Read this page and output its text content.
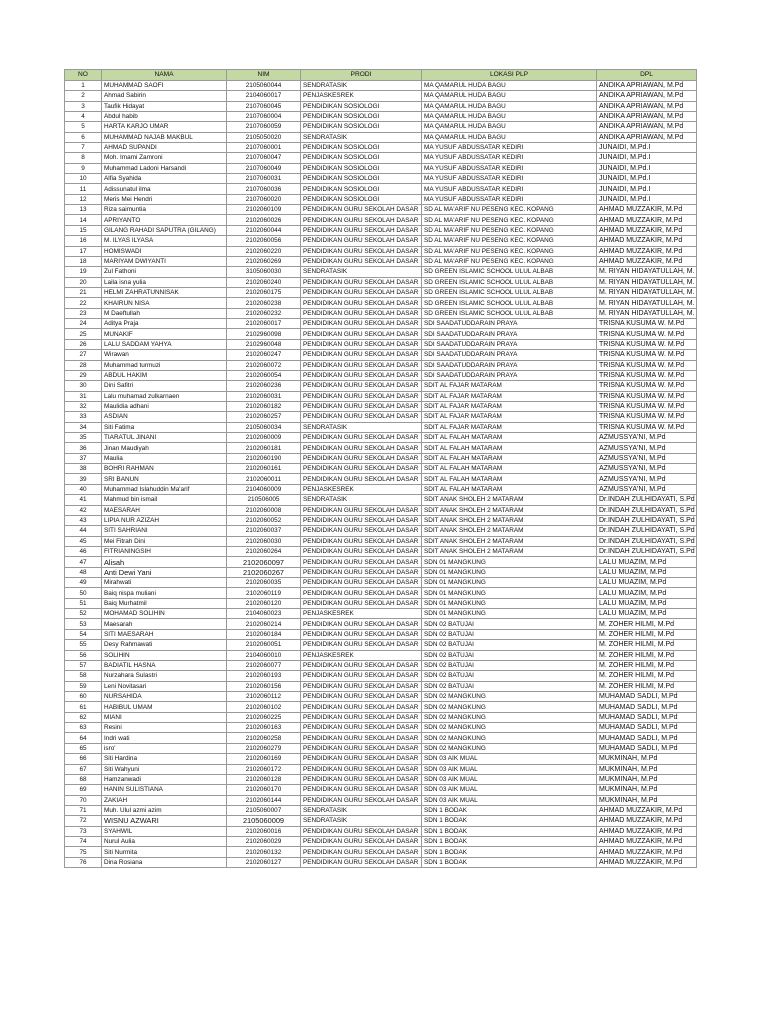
NO	NAMA	NIM	PRODI	LOKASI PLP	DPL
1	MUHAMMAD SAOFI	2105060044	SENDRATASIK	MA QAMARUL HUDA BAGU	ANDIKA APRIAWAN, M.Pd
2	Ahmad Sabirin	2104060017	PENJASKESREK	MA QAMARUL HUDA BAGU	ANDIKA APRIAWAN, M.Pd
3	Taufik Hidayat	2107060045	PENDIDIKAN SOSIOLOGI	MA QAMARUL HUDA BAGU	ANDIKA APRIAWAN, M.Pd
4	Abdul habib	2107060004	PENDIDIKAN SOSIOLOGI	MA QAMARUL HUDA BAGU	ANDIKA APRIAWAN, M.Pd
5	HARTA KARJO UMAR	2107060059	PENDIDIKAN SOSIOLOGI	MA QAMARUL HUDA BAGU	ANDIKA APRIAWAN, M.Pd
6	MUHAMMAD NAJAB MAKBUL	2105050020	SENDRATASIK	MA QAMARUL HUDA BAGU	ANDIKA APRIAWAN, M.Pd
7	AHMAD SUPANDI	2107060001	PENDIDIKAN SOSIOLOGI	MA YUSUF ABDUSSATAR KEDIRI	JUNAIDI, M.Pd.I
8	Moh. Imami Zamroni	2107060047	PENDIDIKAN SOSIOLOGI	MA YUSUF ABDUSSATAR KEDIRI	JUNAIDI, M.Pd.I
9	Muhammad Ladoni Harsandi	2107060049	PENDIDIKAN SOSIOLOGI	MA YUSUF ABDUSSATAR KEDIRI	JUNAIDI, M.Pd.I
10	Alfia Syahida	2107060031	PENDIDIKAN SOSIOLOGI	MA YUSUF ABDUSSATAR KEDIRI	JUNAIDI, M.Pd.I
11	Adissunatul ilma	2107060036	PENDIDIKAN SOSIOLOGI	MA YUSUF ABDUSSATAR KEDIRI	JUNAIDI, M.Pd.I
12	Meris Mei Hendri	2107060020	PENDIDIKAN SOSIOLOGI	MA YUSUF ABDUSSATAR KEDIRI	JUNAIDI, M.Pd.I
13	Riza saimuntia	2102060109	PENDIDIKAN GURU SEKOLAH DASAR	SD AL MA'ARIF NU PESENG KEC. KOPANG	AHMAD MUZZAKIR, M.Pd
14	APRIYANTO	2102060026	PENDIDIKAN GURU SEKOLAH DASAR	SD AL MA'ARIF NU PESENG KEC. KOPANG	AHMAD MUZZAKIR, M.Pd
15	GILANG RAHADI SAPUTRA (GILANG)	2102060044	PENDIDIKAN GURU SEKOLAH DASAR	SD AL MA'ARIF NU PESENG KEC. KOPANG	AHMAD MUZZAKIR, M.Pd
16	M. ILYAS ILYASA	2102060056	PENDIDIKAN GURU SEKOLAH DASAR	SD AL MA'ARIF NU PESENG KEC. KOPANG	AHMAD MUZZAKIR, M.Pd
17	HOMISWADI	2102060220	PENDIDIKAN GURU SEKOLAH DASAR	SD AL MA'ARIF NU PESENG KEC. KOPANG	AHMAD MUZZAKIR, M.Pd
18	MARIYAM DWIYANTI	2102060269	PENDIDIKAN GURU SEKOLAH DASAR	SD AL MA'ARIF NU PESENG KEC. KOPANG	AHMAD MUZZAKIR, M.Pd
19	Zul Fathoni	3105060030	SENDRATASIK	SD GREEN ISLAMIC SCHOOL ULUL ALBAB	M. RIYAN HIDAYATULLAH, M.
20	Laila isna yulia	2102060240	PENDIDIKAN GURU SEKOLAH DASAR	SD GREEN ISLAMIC SCHOOL ULUL ALBAB	M. RIYAN HIDAYATULLAH, M.
21	HELMI ZAHRATUNNISAK	2102060175	PENDIDIKAN GURU SEKOLAH DASAR	SD GREEN ISLAMIC SCHOOL ULUL ALBAB	M. RIYAN HIDAYATULLAH, M.
22	KHAIRUN NISA	2102060238	PENDIDIKAN GURU SEKOLAH DASAR	SD GREEN ISLAMIC SCHOOL ULUL ALBAB	M. RIYAN HIDAYATULLAH, M.
23	M Daeftullah	2102060232	PENDIDIKAN GURU SEKOLAH DASAR	SD GREEN ISLAMIC SCHOOL ULUL ALBAB	M. RIYAN HIDAYATULLAH, M.
24	Aditya Praja	2102060017	PENDIDIKAN GURU SEKOLAH DASAR	SDI SAADATUDDARAIN PRAYA	TRISNA KUSUMA W. M.Pd
25	MUNAKIF	2102960098	PENDIDIKAN GURU SEKOLAH DASAR	SDI SAADATUDDARAIN PRAYA	TRISNA KUSUMA W. M.Pd
26	LALU SADDAM YAHYA	2102960048	PENDIDIKAN GURU SEKOLAH DASAR	SDI SAADATUDDARAIN PRAYA	TRISNA KUSUMA W. M.Pd
27	Wirawan	2102060247	PENDIDIKAN GURU SEKOLAH DASAR	SDI SAADATUDDARAIN PRAYA	TRISNA KUSUMA W. M.Pd
28	Muhammad turmuzi	2102060072	PENDIDIKAN GURU SEKOLAH DASAR	SDI SAADATUDDARAIN PRAYA	TRISNA KUSUMA W. M.Pd
29	ABDUL HAKIM	2102060054	PENDIDIKAN GURU SEKOLAH DASAR	SDI SAADATUDDARAIN PRAYA	TRISNA KUSUMA W. M.Pd
30	Dini Safitri	2102060236	PENDIDIKAN GURU SEKOLAH DASAR	SDIT AL FAJAR MATARAM	TRISNA KUSUMA W. M.Pd
31	Lalu muhamad zulkarnaen	2102060031	PENDIDIKAN GURU SEKOLAH DASAR	SDIT AL FAJAR MATARAM	TRISNA KUSUMA W. M.Pd
32	Maulidia adhani	2102060182	PENDIDIKAN GURU SEKOLAH DASAR	SDIT AL FAJAR MATARAM	TRISNA KUSUMA W. M.Pd
33	ASDIAN	2102060257	PENDIDIKAN GURU SEKOLAH DASAR	SDIT AL FAJAR MATARAM	TRISNA KUSUMA W. M.Pd
34	Siti Fatima	2105060034	SENDRATASIK	SDIT AL FAJAR MATARAM	TRISNA KUSUMA W. M.Pd
35	TIARATUL JINANI	2102060009	PENDIDIKAN GURU SEKOLAH DASAR	SDIT AL FALAH MATARAM	AZMUSSYA'NI, M.Pd
36	Jinan Maudiyah	2102060181	PENDIDIKAN GURU SEKOLAH DASAR	SDIT AL FALAH MATARAM	AZMUSSYA'NI, M.Pd
37	Maulia	2102060190	PENDIDIKAN GURU SEKOLAH DASAR	SDIT AL FALAH MATARAM	AZMUSSYA'NI, M.Pd
38	BOHRI RAHMAN	2102060161	PENDIDIKAN GURU SEKOLAH DASAR	SDIT AL FALAH MATARAM	AZMUSSYA'NI, M.Pd
39	SRI BANUN	2102060011	PENDIDIKAN GURU SEKOLAH DASAR	SDIT AL FALAH MATARAM	AZMUSSYA'NI, M.Pd
40	Muhammad Islahuddin Ma'arif	2104060009	PENJASKESREK	SDIT AL FALAH MATARAM	AZMUSSYA'NI, M.Pd
41	Mahmud bin ismail	210506005	SENDRATASIK	SDIT ANAK SHOLEH 2 MATARAM	Dr.INDAH ZULHIDAYATI, S.Pd
42	MAESARAH	2102060008	PENDIDIKAN GURU SEKOLAH DASAR	SDIT ANAK SHOLEH 2 MATARAM	Dr.INDAH ZULHIDAYATI, S.Pd
43	LIPIA NUR AZIZAH	2102060052	PENDIDIKAN GURU SEKOLAH DASAR	SDIT ANAK SHOLEH 2 MATARAM	Dr.INDAH ZULHIDAYATI, S.Pd
44	SITI SAHRIANI	2102060037	PENDIDIKAN GURU SEKOLAH DASAR	SDIT ANAK SHOLEH 2 MATARAM	Dr.INDAH ZULHIDAYATI, S.Pd
45	Mei Fitrah Dini	2102060030	PENDIDIKAN GURU SEKOLAH DASAR	SDIT ANAK SHOLEH 2 MATARAM	Dr.INDAH ZULHIDAYATI, S.Pd
46	FITRIANINGSIH	2102060264	PENDIDIKAN GURU SEKOLAH DASAR	SDIT ANAK SHOLEH 2 MATARAM	Dr.INDAH ZULHIDAYATI, S.Pd
47	Alisah	2102060097	PENDIDIKAN GURU SEKOLAH DASAR	SDN 01 MANGKUNG	LALU MUAZIM, M.Pd
48	Anti Dewi Yani	2102060267	PENDIDIKAN GURU SEKOLAH DASAR	SDN 01 MANGKUNG	LALU MUAZIM, M.Pd
49	Mirahwati	2102060035	PENDIDIKAN GURU SEKOLAH DASAR	SDN 01 MANGKUNG	LALU MUAZIM, M.Pd
50	Baiq nispa muliani	2102060119	PENDIDIKAN GURU SEKOLAH DASAR	SDN 01 MANGKUNG	LALU MUAZIM, M.Pd
51	Baiq Murhatmil	2102060120	PENDIDIKAN GURU SEKOLAH DASAR	SDN 01 MANGKUNG	LALU MUAZIM, M.Pd
52	MOHAMAD SOLIHIN	2104060023	PENJASKESREK	SDN 01 MANGKUNG	LALU MUAZIM, M.Pd
53	Maesarah	2102060214	PENDIDIKAN GURU SEKOLAH DASAR	SDN 02 BATUJAI	M. ZOHER HILMI, M.Pd
54	SITI MAESARAH	2102060184	PENDIDIKAN GURU SEKOLAH DASAR	SDN 02 BATUJAI	M. ZOHER HILMI, M.Pd
55	Desy Rahmawati	2102060051	PENDIDIKAN GURU SEKOLAH DASAR	SDN 02 BATUJAI	M. ZOHER HILMI, M.Pd
56	SOLIHIN	2104060010	PENJASKESREK	SDN 02 BATUJAI	M. ZOHER HILMI, M.Pd
57	BADIATIL HASNA	2102060077	PENDIDIKAN GURU SEKOLAH DASAR	SDN 02 BATUJAI	M. ZOHER HILMI, M.Pd
58	Nurzahara Sulastri	2102060193	PENDIDIKAN GURU SEKOLAH DASAR	SDN 02 BATUJAI	M. ZOHER HILMI, M.Pd
59	Leni Novitasari	2102060156	PENDIDIKAN GURU SEKOLAH DASAR	SDN 02 BATUJAI	M. ZOHER HILMI, M.Pd
60	NURSAHIDA	2102060112	PENDIDIKAN GURU SEKOLAH DASAR	SDN 02 MANGKUNG	MUHAMAD SADLI, M.Pd
61	HABIBUL UMAM	2102060102	PENDIDIKAN GURU SEKOLAH DASAR	SDN 02 MANGKUNG	MUHAMAD SADLI, M.Pd
62	MIANI	2102060225	PENDIDIKAN GURU SEKOLAH DASAR	SDN 02 MANGKUNG	MUHAMAD SADLI, M.Pd
63	Resini	2102060163	PENDIDIKAN GURU SEKOLAH DASAR	SDN 02 MANGKUNG	MUHAMAD SADLI, M.Pd
64	Indri wati	2102060258	PENDIDIKAN GURU SEKOLAH DASAR	SDN 02 MANGKUNG	MUHAMAD SADLI, M.Pd
65	isro'	2102060279	PENDIDIKAN GURU SEKOLAH DASAR	SDN 02 MANGKUNG	MUHAMAD SADLI, M.Pd
66	Siti Hardina	2102060169	PENDIDIKAN GURU SEKOLAH DASAR	SDN 03 AIK MUAL	MUKMINAH, M.Pd
67	Siti Wahyuni	2102060172	PENDIDIKAN GURU SEKOLAH DASAR	SDN 03 AIK MUAL	MUKMINAH, M.Pd
68	Hamzanwadi	2102060128	PENDIDIKAN GURU SEKOLAH DASAR	SDN 03 AIK MUAL	MUKMINAH, M.Pd
69	HANIN SULISTIANA	2102060170	PENDIDIKAN GURU SEKOLAH DASAR	SDN 03 AIK MUAL	MUKMINAH, M.Pd
70	ZAKIAH	2102060144	PENDIDIKAN GURU SEKOLAH DASAR	SDN 03 AIK MUAL	MUKMINAH, M.Pd
71	Muh. Ulul azmi azim	2105060007	SENDRATASIK	SDN 1 BODAK	AHMAD MUZZAKIR, M.Pd
72	WISNU AZWARI	2105060009	SENDRATASIK	SDN 1 BODAK	AHMAD MUZZAKIR, M.Pd
73	SYAHWIL	2102060016	PENDIDIKAN GURU SEKOLAH DASAR	SDN 1 BODAK	AHMAD MUZZAKIR, M.Pd
74	Nurul Aulia	2102060029	PENDIDIKAN GURU SEKOLAH DASAR	SDN 1 BODAK	AHMAD MUZZAKIR, M.Pd
75	Siti Nurmita	2102060132	PENDIDIKAN GURU SEKOLAH DASAR	SDN 1 BODAK	AHMAD MUZZAKIR, M.Pd
76	Dina Rosiana	2102060127	PENDIDIKAN GURU SEKOLAH DASAR	SDN 1 BODAK	AHMAD MUZZAKIR, M.Pd
